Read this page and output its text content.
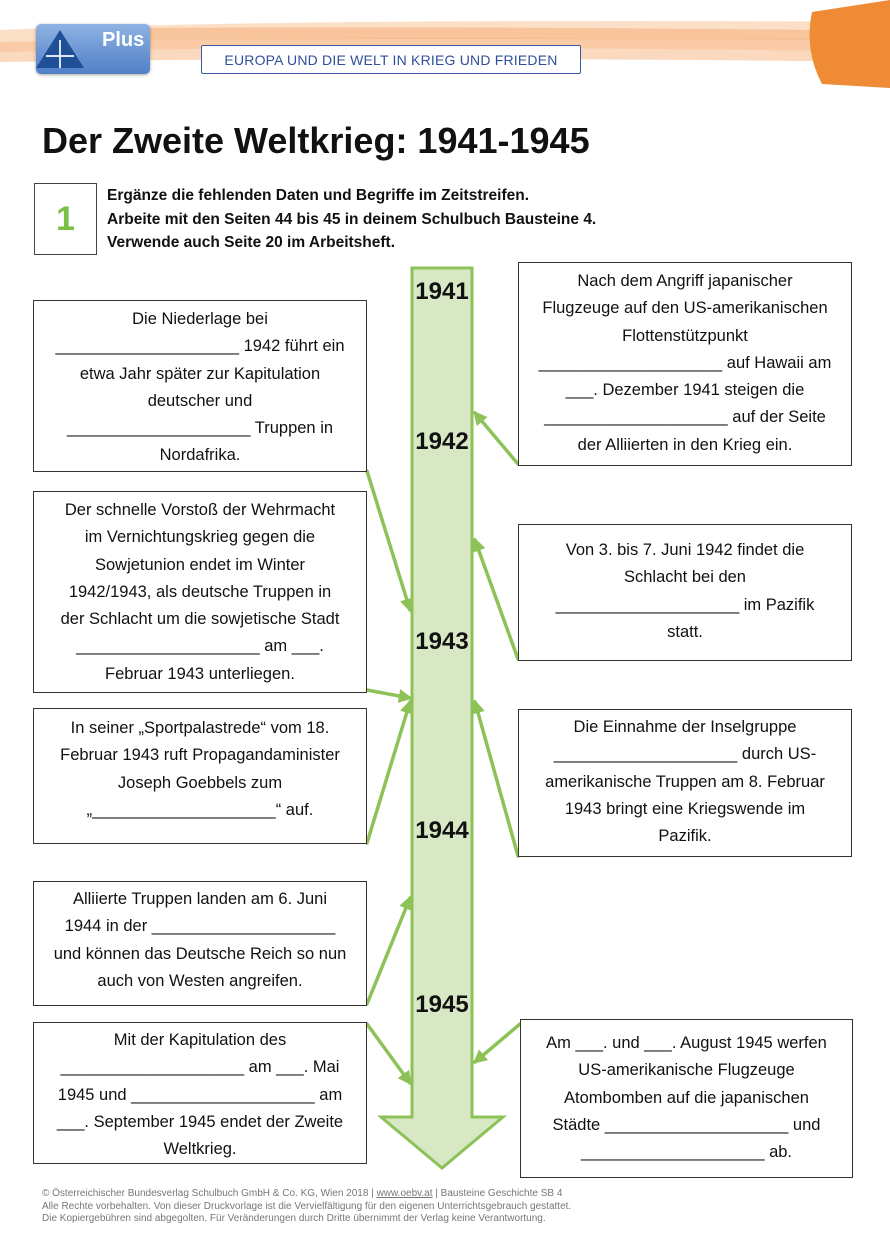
Plus
EUROPA UND DIE WELT IN KRIEG UND FRIEDEN
Der Zweite Weltkrieg: 1941-1945
1
Ergänze die fehlenden Daten und Begriffe im Zeitstreifen.
Arbeite mit den Seiten 44 bis 45 in deinem Schulbuch Bausteine 4.
Verwende auch Seite 20 im Arbeitsheft.
1941
1942
1943
1944
1945
Die Niederlage bei
____________________ 1942 führt ein
etwa Jahr später zur Kapitulation
deutscher und
____________________ Truppen in
Nordafrika.
Der schnelle Vorstoß der Wehrmacht
im Vernichtungskrieg gegen die
Sowjetunion endet im Winter
1942/1943, als deutsche Truppen in
der Schlacht um die sowjetische Stadt
____________________ am ___.
Februar 1943 unterliegen.
In seiner „Sportpalastrede“ vom 18.
Februar 1943 ruft Propagandaminister
Joseph Goebbels zum
„____________________“ auf.
Alliierte Truppen landen am 6. Juni
1944 in der ____________________
und können das Deutsche Reich so nun
auch von Westen angreifen.
Mit der Kapitulation des
____________________ am ___. Mai
1945 und ____________________ am
___. September 1945 endet der Zweite
Weltkrieg.
Nach dem Angriff japanischer
Flugzeuge auf den US-amerikanischen
Flottenstützpunkt
____________________ auf Hawaii am
___. Dezember 1941 steigen die
____________________ auf der Seite
der Alliierten in den Krieg ein.
Von 3. bis 7. Juni 1942 findet die
Schlacht bei den
____________________ im Pazifik
statt.
Die Einnahme der Inselgruppe
____________________ durch US-
amerikanische Truppen am 8. Februar
1943 bringt eine Kriegswende im
Pazifik.
Am ___. und ___. August 1945 werfen
US-amerikanische Flugzeuge
Atombomben auf die japanischen
Städte ____________________ und
____________________ ab.
© Österreichischer Bundesverlag Schulbuch GmbH & Co. KG, Wien 2018 | www.oebv.at | Bausteine Geschichte SB 4
Alle Rechte vorbehalten. Von dieser Druckvorlage ist die Vervielfältigung für den eigenen Unterrichtsgebrauch gestattet.
Die Kopiergebühren sind abgegolten. Für Veränderungen durch Dritte übernimmt der Verlag keine Verantwortung.
